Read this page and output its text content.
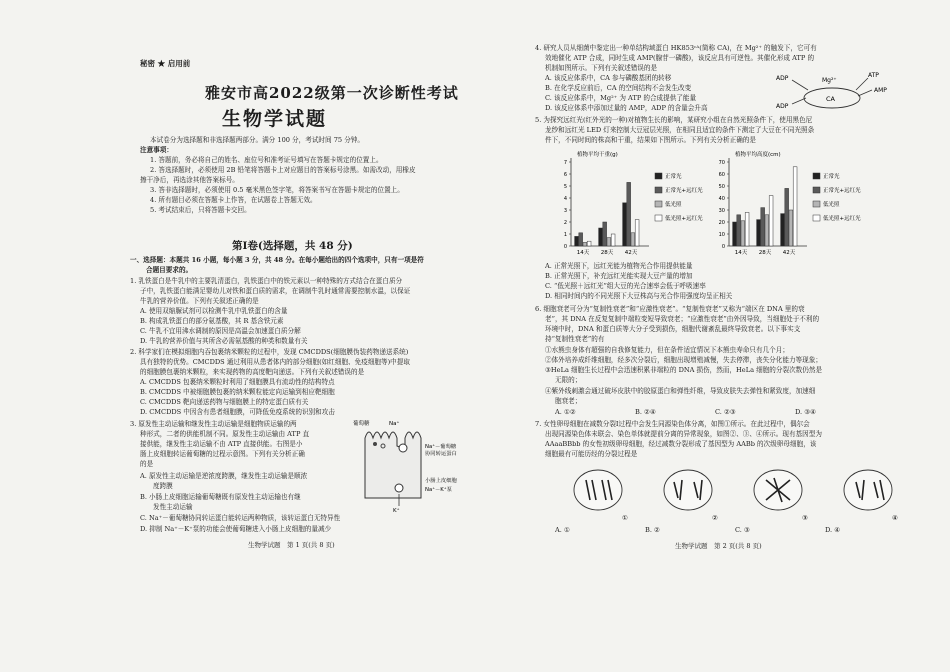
秘密 ★ 启用前
雅安市高2022级第一次诊断性考试
生物学试题
本试卷分为选择题和非选择题两部分。满分 100 分，考试时间 75 分钟。
注意事项：
1. 答题前，务必将自己的姓名、座位号和准考证号填写在答题卡规定的位置上。
2. 答选择题时，必须使用 2B 铅笔将答题卡上对应题目的答案标号涂黑。如需改动，用橡皮
擦干净后，再选涂其他答案标号。
3. 答非选择题时，必须使用 0.5 毫米黑色签字笔，将答案书写在答题卡规定的位置上。
4. 所有题目必须在答题卡上作答，在试题卷上答题无效。
5. 考试结束后，只将答题卡交回。
第Ⅰ卷(选择题，共 48 分)
一、选择题：本题共 16 小题，每小题 3 分，共 48 分。在每小题给出的四个选项中，只有一项是符
合题目要求的。
1. 乳铁蛋白是牛乳中的主要乳清蛋白，乳铁蛋白中的铁元素以一种特殊的方式结合在蛋白质分
子中，乳铁蛋白能满足婴幼儿对铁和蛋白质的需求，在调制牛乳时通常需要控制水温，以保证
牛乳的营养价值。下列有关叙述正确的是
A. 使用双缩脲试剂可以检测牛乳中乳铁蛋白的含量
B. 构成乳铁蛋白的部分氨基酸，其 R 基含铁元素
C. 牛乳不宜用沸水调制的原因是高温会加速蛋白质分解
D. 牛乳的营养价值与其所含必需氨基酸的种类和数量有关
2. 科学家们在模拟细胞内吞包裹纳米颗粒的过程中，发现 CMCDDS(细胞膜伪装药物递送系统)
具有独特的优势。CMCDDS 通过利用从患者体内的部分细胞(如红细胞、免疫细胞等)中提取
的细胞膜包裹纳米颗粒，来实现药物的高度靶向递送。下列有关叙述错误的是
A. CMCDDS 包裹纳米颗粒时利用了细胞膜具有流动性的结构特点
B. CMCDDS 中被细胞膜包裹的纳米颗粒能定向运输到相应靶细胞
C. CMCDDS 靶向递送药物与细胞膜上的特定蛋白质有关
D. CMCDDS 中因含有患者细胞膜，可降低免疫系统的识别和攻击
3. 原发性主动运输和继发性主动运输是细胞物质运输的两
种形式，二者的供能机制不同。原发性主动运输由 ATP 直
接供能，继发性主动运输不由 ATP 直接供能。右图是小
肠上皮细胞转运葡萄糖的过程示意图。下列有关分析正确
的是
A. 原发性主动运输是逆浓度跨膜，继发性主动运输是顺浓
度跨膜
B. 小肠上皮细胞运输葡萄糖既有原发性主动运输也有继
发性主动运输
C. Na⁺－葡萄糖协同转运蛋白能转运两种物质，该转运蛋白无特异性
D. 抑制 Na⁺－K⁺泵的功能会使葡萄糖进入小肠上皮细胞的量减少
葡萄糖	Na⁺
Na⁺－葡萄糖
协同转运蛋白
小肠上皮细胞
Na⁺－K⁺泵
K⁺
生物学试题　第 1 页(共 8 页)
4. 研究人员从细菌中鉴定出一种单结构域蛋白 HK853ᶜᴬ(简称 CA)，在 Mg²⁺ 的触发下，它可有
效地催化 ATP 合成，同时生成 AMP(腺苷一磷酸)，该反应具有可逆性。其催化形成 ATP 的
机制如图所示。下列有关叙述错误的是
A. 该反应体系中，CA 参与磷酸基团的转移
B. 在化学反应前后，CA 的空间结构不会发生改变
C. 该反应体系中，Mg²⁺ 为 ATP 的合成提供了能量
D. 该反应体系中添加过量的 AMP，ADP 的含量会升高
ADP
ADP
Mg²⁺
ATP
AMP
CA
5. 为探究远红光(红外光的一种)对植物生长的影响，某研究小组在自然光照条件下，使用黑色尼
龙纱和远红光 LED 灯来控制大豆冠层光照，在相同且适宜的条件下测定了大豆在不同光照条
件下，不同时间的株高和干重，结果如下图所示。下列有关分析正确的是
植物平均干重(g)
0
1
2
3
4
5
6
7
14天 28天 42天
正常光
正常光+远红光
低光照
低光照+远红光
植物平均高度(cm)
0
10
20
30
40
50
60
70
14天 28天 42天
正常光
正常光+远红光
低光照
低光照+远红光
A. 正常光照下，远红光能为植物光合作用提供能量
B. 正常光照下，补充远红光能实现大豆产量的增加
C. “低光照＋远红光”组大豆的光合速率会低于呼吸速率
D. 相同时间内的不同光照下大豆株高与光合作用强度均呈正相关
6. 细胞衰老可分为“复制性衰老”和“应激性衰老”。“复制性衰老”又称为“端区在 DNA 里的衰
老”，其 DNA 在反复复制中端粒变短导致衰老；“应激性衰老”由外因导致，当细胞处于不利的
环境中时，DNA 和蛋白质等大分子受到损伤，细胞代谢紊乱最终导致衰老。以下事实支
持“复制性衰老”的有
①水熊虫身体有超强的自我修复能力，但在条件适宜情况下本熊虫寿命只有几个月；
②体外培养成纤维细胞，经多次分裂后，细胞出现增殖减慢，失去停滞，丧失分化能力等现象；
③HeLa 细胞生长过程中会迅速积累非端粒的 DNA 损伤，然而，HeLa 细胞的分裂次数仍然是
无限的；
④紫外线刺激会通过破坏皮肤中的胶原蛋白和弹性纤维，导致皮肤失去弹性和紧致度，加速细
胞衰老；
A. ①②	B. ②④	C. ②③	D. ③④
7. 女性卵母细胞在减数分裂Ⅰ过程中会发生同源染色体分离，如图①所示。在此过程中，偶尔会
出现同源染色体未联会、染色单体就提前分离的异常现象，如图②、③、④所示。现有基因型为
AAaaBBbb 的女性初级卵母细胞，经过减数分裂形成了基因型为 AABb 的次级卵母细胞，该
细胞最有可能历经的分裂过程是
①	②	③	④
A. ①	B. ②	C. ③	D. ④
生物学试题　第 2 页(共 8 页)
